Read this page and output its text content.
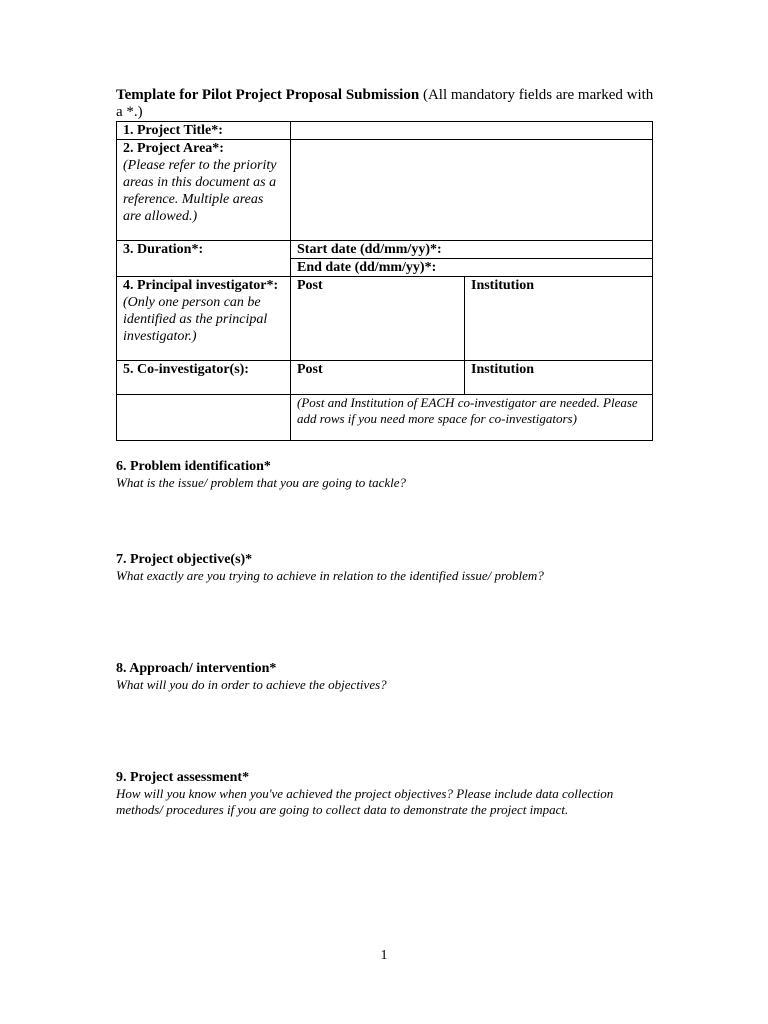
Template for Pilot Project Proposal Submission (All mandatory fields are marked with a *.)
1. Project Title*:		

2. Project Area*:
(Please refer to the priority areas in this document as a reference. Multiple areas are allowed.)		

3. Duration*:	Start date (dd/mm/yy)*:	
	End date (dd/mm/yy)*:	

4. Principal investigator*:
(Only one person can be identified as the principal investigator.)	Post	Institution
5. Co-investigator(s):	Post	Institution
	(Post and Institution of EACH co-investigator are needed. Please add rows if you need more space for co-investigators)	
6. Problem identification*
What is the issue/ problem that you are going to tackle?
7. Project objective(s)*
What exactly are you trying to achieve in relation to the identified issue/ problem?
8. Approach/ intervention*
What will you do in order to achieve the objectives?
9. Project assessment*
How will you know when you've achieved the project objectives? Please include data collection methods/ procedures if you are going to collect data to demonstrate the project impact.
1
